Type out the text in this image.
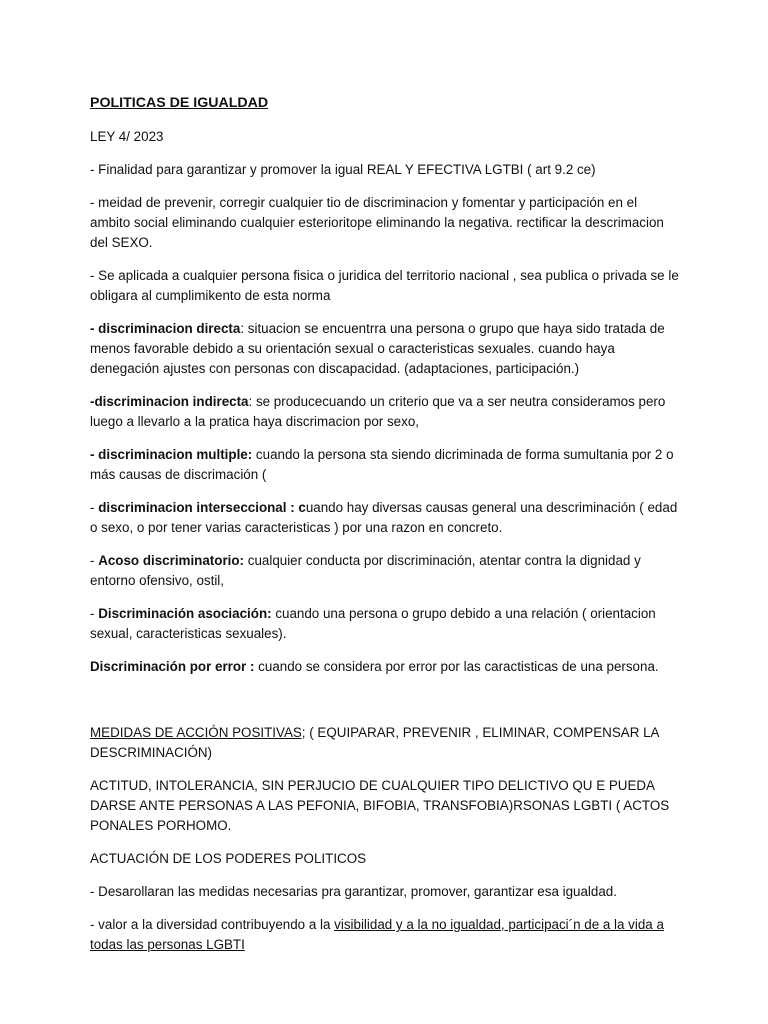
POLITICAS DE IGUALDAD
LEY 4/ 2023
- Finalidad para garantizar y promover la igual REAL Y EFECTIVA LGTBI ( art 9.2 ce)
- meidad de prevenir, corregir cualquier tio de discriminacion y fomentar y participación en el ambito social eliminando cualquier esterioritope eliminando la negativa. rectificar la descrimacion del SEXO.
- Se aplicada a cualquier persona fisica o juridica del territorio nacional , sea publica o privada se le obligara al cumplimikento de esta norma
- discriminacion directa: situacion se encuentrra una persona o grupo que haya sido tratada de menos favorable debido a su orientación sexual o caracteristicas sexuales. cuando haya denegación ajustes con personas con discapacidad. (adaptaciones, participación.)
-discriminacion indirecta: se producecuando un criterio que va a ser neutra consideramos pero luego a llevarlo a la pratica haya discrimacion por sexo,
- discriminacion multiple: cuando la persona sta siendo dicriminada de forma sumultania por 2 o más causas de discrimación (
- discriminacion interseccional : cuando hay diversas causas general una descriminación ( edad o sexo, o por tener varias caracteristicas ) por una razon en concreto.
- Acoso discriminatorio: cualquier conducta por discriminación, atentar contra la dignidad y entorno ofensivo, ostil,
- Discriminación asociación: cuando una persona o grupo debido a una relación ( orientacion sexual, caracteristicas sexuales).
Discriminación por error : cuando se considera por error por las caractisticas de una persona.
MEDIDAS DE ACCIÓN POSITIVAS; ( EQUIPARAR, PREVENIR , ELIMINAR, COMPENSAR LA DESCRIMINACIÓN)
ACTITUD, INTOLERANCIA, SIN PERJUCIO DE CUALQUIER TIPO DELICTIVO QU E PUEDA DARSE ANTE PERSONAS A LAS PEFONIA, BIFOBIA, TRANSFOBIA)RSONAS LGBTI ( ACTOS PONALES PORHOMO.
ACTUACIÓN DE LOS PODERES POLITICOS
- Desarollaran las medidas necesarias pra garantizar, promover, garantizar esa igualdad.
- valor a la diversidad contribuyendo a la visibilidad y a la no igualdad, participaci´n de a la vida a todas las personas LGBTI
